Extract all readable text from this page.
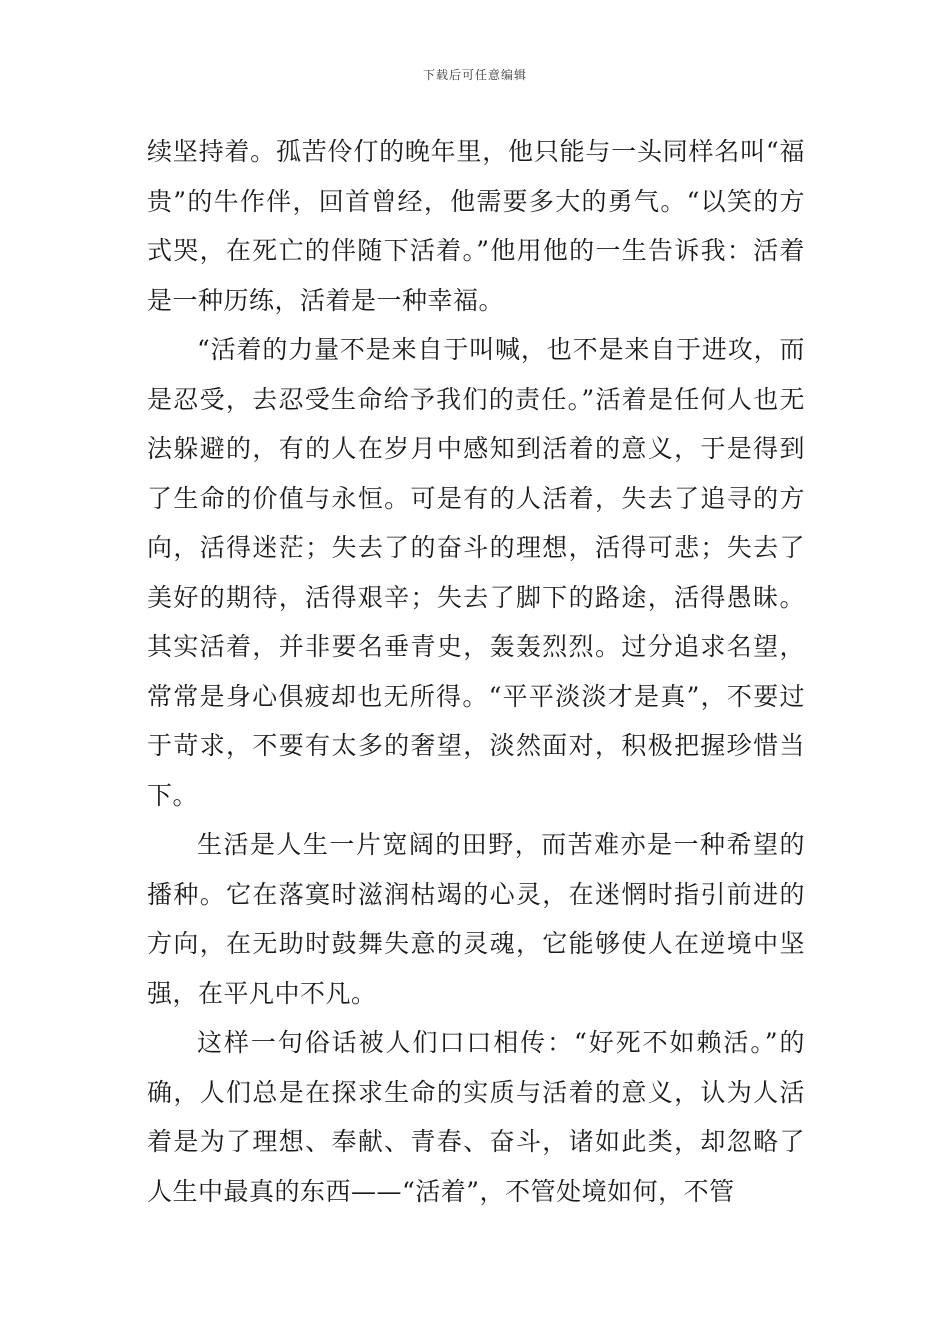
下载后可任意编辑

续坚持着。孤苦伶仃的晚年里，他只能与一头同样名叫“福贵”的牛作伴，回首曾经，他需要多大的勇气。“以笑的方式哭，在死亡的伴随下活着。”他用他的一生告诉我：活着是一种历练，活着是一种幸福。

“活着的力量不是来自于叫喊，也不是来自于进攻，而是忍受，去忍受生命给予我们的责任。”活着是任何人也无法躲避的，有的人在岁月中感知到活着的意义，于是得到了生命的价值与永恒。可是有的人活着，失去了追寻的方向，活得迷茫；失去了的奋斗的理想，活得可悲；失去了美好的期待，活得艰辛；失去了脚下的路途，活得愚昧。其实活着，并非要名垂青史，轰轰烈烈。过分追求名望，常常是身心俱疲却也无所得。“平平淡淡才是真”，不要过于苛求，不要有太多的奢望，淡然面对，积极把握珍惜当下。

生活是人生一片宽阔的田野，而苦难亦是一种希望的播种。它在落寞时滋润枯竭的心灵，在迷惘时指引前进的方向，在无助时鼓舞失意的灵魂，它能够使人在逆境中坚强，在平凡中不凡。

这样一句俗话被人们口口相传：“好死不如赖活。”的确，人们总是在探求生命的实质与活着的意义，认为人活着是为了理想、奉献、青春、奋斗，诸如此类，却忽略了人生中最真的东西——“活着”，不管处境如何，不管
